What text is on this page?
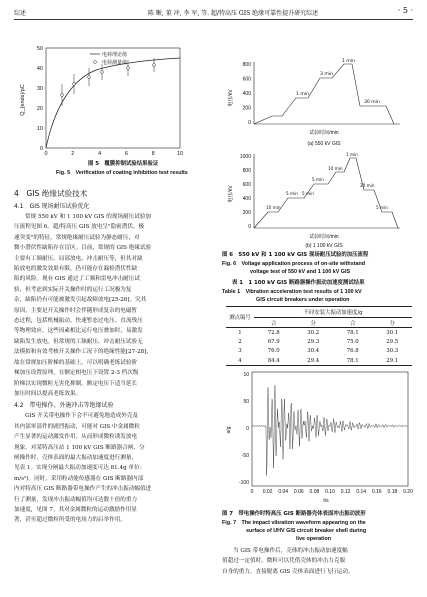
综述	陈 晰, 董 冲, 李 军, 等. 超/特高压 GIS 绝缘可靠性提升研究综述	· 5 ·
Q_{ends}/pC
50
40
30
20
10
0
0	2	4	6	8	10
电荷理论值
电荷测量值
图 5　覆膜抑制试验结果验证
Fig. 5　Verification of coating inhibition test results
4　GIS 绝缘试验技术
4.1　GIS 现场耐压试验优化

常规 550 kV 和 1 100 kV GIS 的现场耐压试验加

压流程见图 6。超/特高压 GIS 放电呈"隐密潜伏、极

速突变"的特征，常规绝缘耐压试验为静态耐压，对

微小潜伏性缺陷存在盲区。目前，常规的 GIS 绝缘试验

主要有工频耐压、局部放电、冲击耐压等，但其对缺

陷放电的激发效果有限，仍可能存在漏检潜伏性缺

陷的风险。现有 GIS 通过了工频和雷电冲击耐压试

验，但考虑到实际开关操作时的运行工况极为复

杂，缺陷仍有可能被激发引起故障放电[25-26]。究其

原因，主要是开关操作时会伴随形成复杂的电磁暂

态过程，包括机械振动、快速暂态过电压、直流残压

等物理效应，这些因素相比运行电压叠加时，易激发

缺陷发生放电。但常规的工频耐压、冲击耐压试验无

法模拟和有效考核开关操作工况下的绝缘性能[27-28]，

故在常规加压阶梯的基础上，可以明确老练试验阶

梯加压设置原理，在额定相电压下设置 2-3 档次级

阶梯以实现微粒无害化抑制，额定电压下适当延长

加压时间以提高老练效果。

4.2　带电操作、外施冲击等绝缘试验

GIS 开关带电操作下会不可避免地造成外壳及

其内部零部件的剧烈振动，可能对 GIS 中金属微粒

产生显著的运动激发作用，从而形成微粒诱发放电

现象。对某特高压站 1 100 kV GIS 断路器合闸、分

闸操作时，壳体表面的最大振动加速度进行测量，

见表 1。实现分闸最大振动加速度可达 81.4g 单位：

m/s²)。同时，采用粒动能传感器在 GIS 断路器内部

内对特高压 GIS 断路器带电操作产生的冲击振动幅值进

行了测量，发现冲击振动幅值均可达数十倍的重力

加速度，见图 7。其对金属微粒的运动激励作用显

著，甚至超过微粒所受的电场力的启举作用。

电压/kV
800
600
400
200
0
试验时间/min
(a) 550 kV GIS
1 min
3 min
1 min
30 min
电压/kV
1000
800
600
400
200
0
试验时间/min
(b) 1 100 kV GIS
1 min
10 min
5 min
5 min
20 min
10 min	5 min
5 min
图 6　550 kV 和 1 100 kV GIS 现场耐压试验的加压流程
Fig. 6　Voltage application process of on-site withstand
voltage test of 550 kV and 1 100 kV GIS
表 1　1 100 kV GIS 断路器操作振动加速度测试结果
Table 1　Vibration acceleration test results of 1 100 kV
GIS circuit breakers under operation
测点编号	不同安装大振动加速度/g			
	合	分	合	分
1	72.8	30.2	78.1	30.1
2	67.9	29.3	75.0	29.5
3	76.0	30.4	76.8	30.3
4	84.4	29.4	78.1	29.1
a/g
10
50
0
-50
-100
0 0.02 0.04 0.06 0.08 0.10 0.12 0.14 0.16 0.18 0.20
t/s
图 7　带电操作时特高压 GIS 断路器壳体表面冲击振动波形
Fig. 7　The impact vibration waveform appearing on the
surface of UHV GIS circuit breaker shell during
live operation

当 GIS 带电操作后，壳体的冲击振动加速度幅

值超过一定值时，微粒可以凭借壳体的冲击力克服

自身的重力，直接脱离 GIS 壳体表面进行飞行运动。
